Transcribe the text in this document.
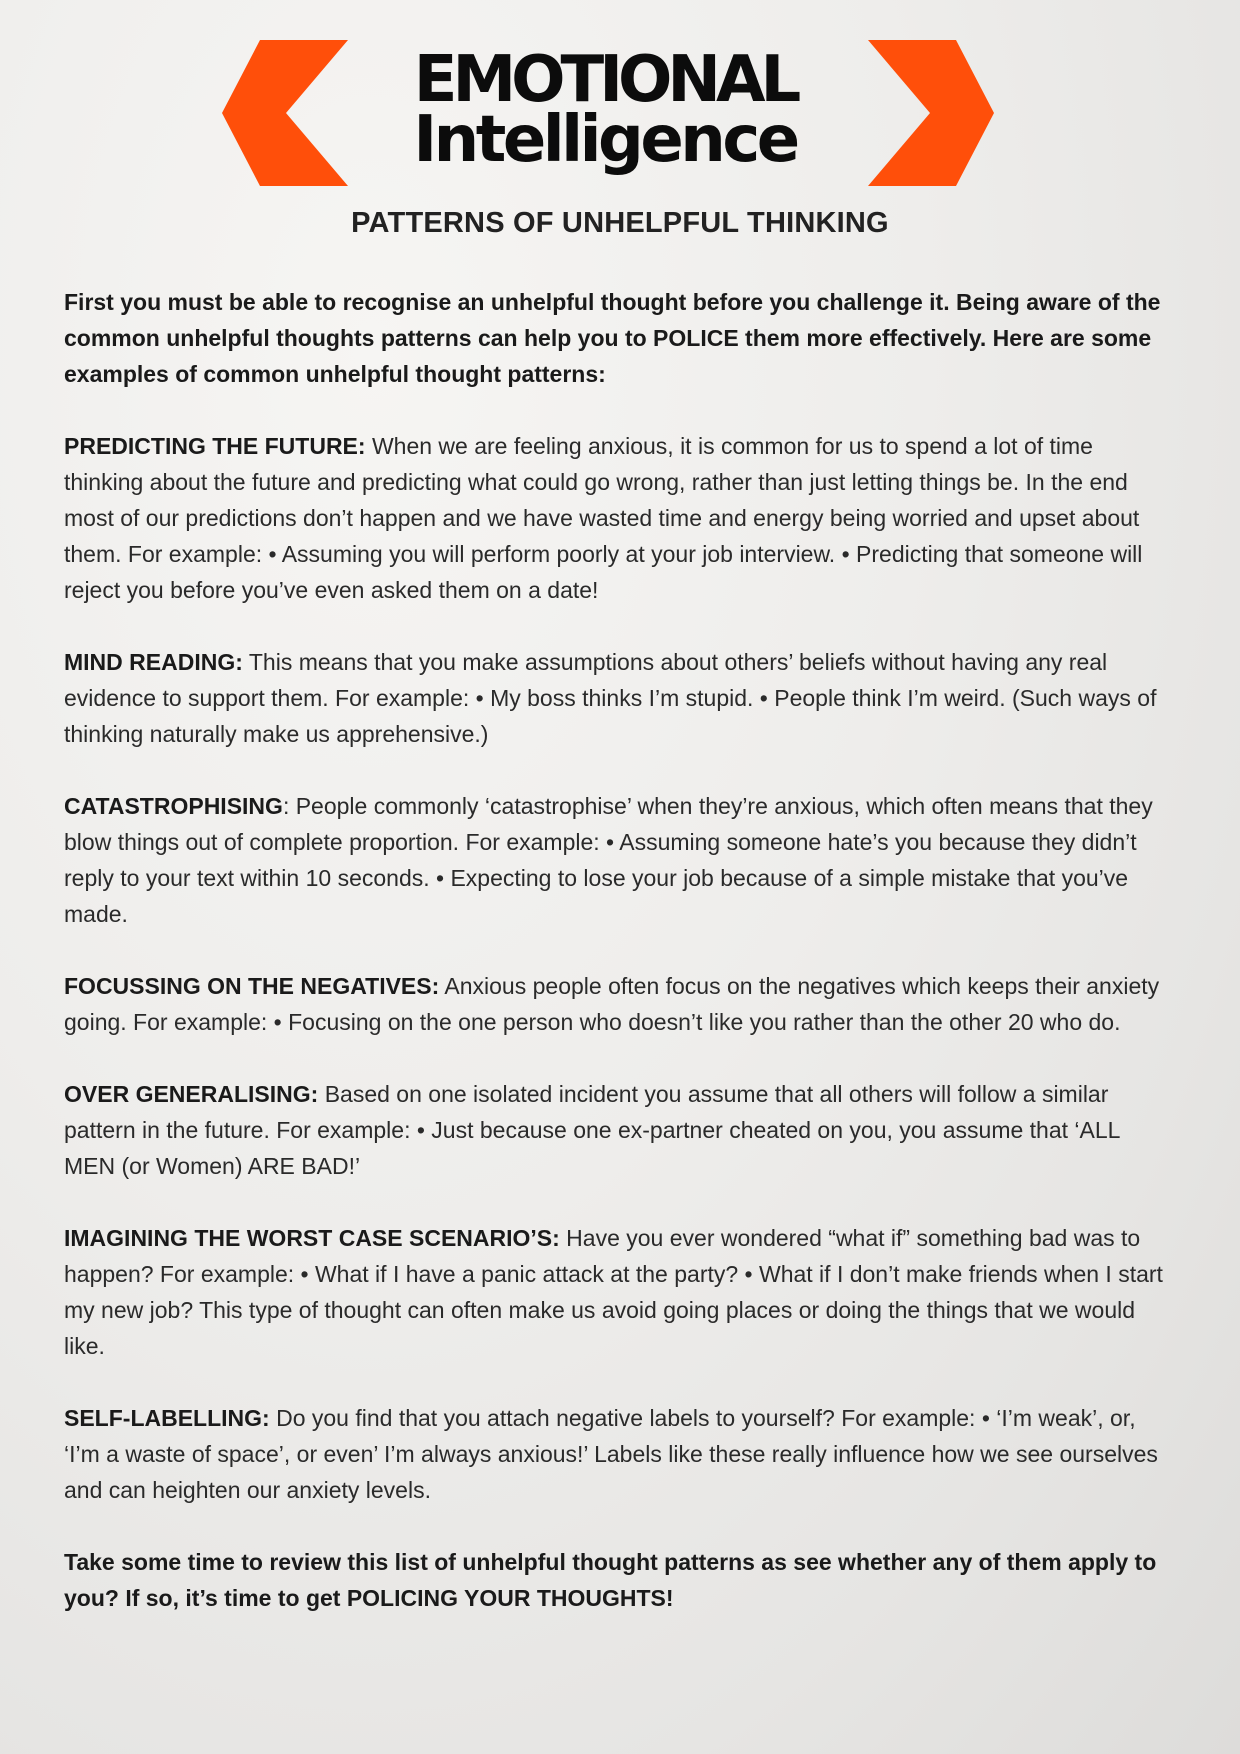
EMOTIONAL
Intelligence
PATTERNS OF UNHELPFUL THINKING

First you must be able to recognise an unhelpful thought before you challenge it. Being aware of the common unhelpful thoughts patterns can help you to POLICE them more effectively. Here are some examples of common unhelpful thought patterns:

PREDICTING THE FUTURE: When we are feeling anxious, it is common for us to spend a lot of time thinking about the future and predicting what could go wrong, rather than just letting things be. In the end most of our predictions don’t happen and we have wasted time and energy being worried and upset about them. For example: • Assuming you will perform poorly at your job interview. • Predicting that someone will reject you before you’ve even asked them on a date!

MIND READING: This means that you make assumptions about others’ beliefs without having any real evidence to support them. For example: • My boss thinks I’m stupid. • People think I’m weird. (Such ways of thinking naturally make us apprehensive.)

CATASTROPHISING: People commonly ‘catastrophise’ when they’re anxious, which often means that they blow things out of complete proportion. For example: • Assuming someone hate’s you because they didn’t reply to your text within 10 seconds. • Expecting to lose your job because of a simple mistake that you’ve made.

FOCUSSING ON THE NEGATIVES: Anxious people often focus on the negatives which keeps their anxiety going. For example: • Focusing on the one person who doesn’t like you rather than the other 20 who do.

OVER GENERALISING: Based on one isolated incident you assume that all others will follow a similar pattern in the future. For example: • Just because one ex-partner cheated on you, you assume that ‘ALL MEN (or Women) ARE BAD!’

IMAGINING THE WORST CASE SCENARIO’S: Have you ever wondered “what if” something bad was to happen? For example: • What if I have a panic attack at the party? • What if I don’t make friends when I start my new job? This type of thought can often make us avoid going places or doing the things that we would like.

SELF-LABELLING: Do you find that you attach negative labels to yourself? For example: • ‘I’m weak’, or, ‘I’m a waste of space’, or even’ I’m always anxious!’ Labels like these really influence how we see ourselves and can heighten our anxiety levels.

Take some time to review this list of unhelpful thought patterns as see whether any of them apply to you? If so, it’s time to get POLICING YOUR THOUGHTS!
